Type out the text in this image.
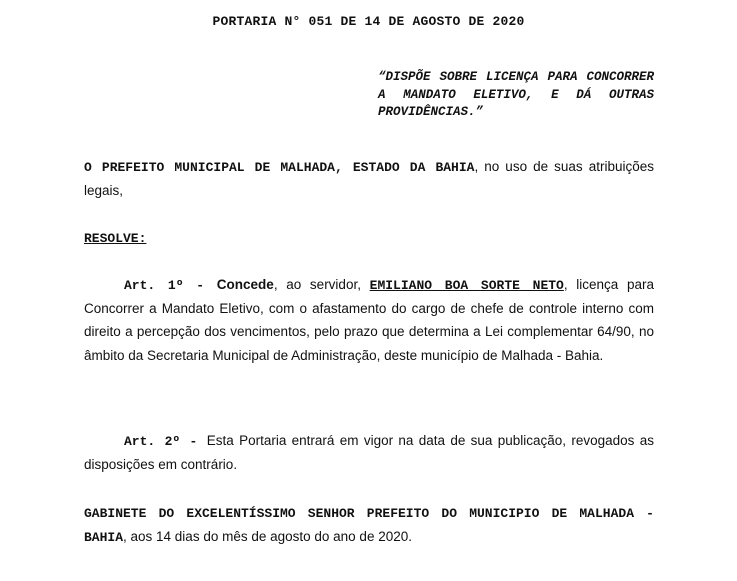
PORTARIA N° 051 DE 14 DE AGOSTO DE 2020
“DISPÕE SOBRE LICENÇA PARA CONCORRER A MANDATO ELETIVO, E DÁ OUTRAS PROVIDÊNCIAS.”
O PREFEITO MUNICIPAL DE MALHADA, ESTADO DA BAHIA, no uso de suas atribuições legais,
RESOLVE:
Art. 1º - Concede, ao servidor, EMILIANO BOA SORTE NETO, licença para Concorrer a Mandato Eletivo, com o afastamento do cargo de chefe de controle interno com direito a percepção dos vencimentos, pelo prazo que determina a Lei complementar 64/90, no âmbito da Secretaria Municipal de Administração, deste município de Malhada - Bahia.
Art. 2º - Esta Portaria entrará em vigor na data de sua publicação, revogados as disposições em contrário.
GABINETE DO EXCELENTÍSSIMO SENHOR PREFEITO DO MUNICIPIO DE MALHADA - BAHIA, aos 14 dias do mês de agosto do ano de 2020.
